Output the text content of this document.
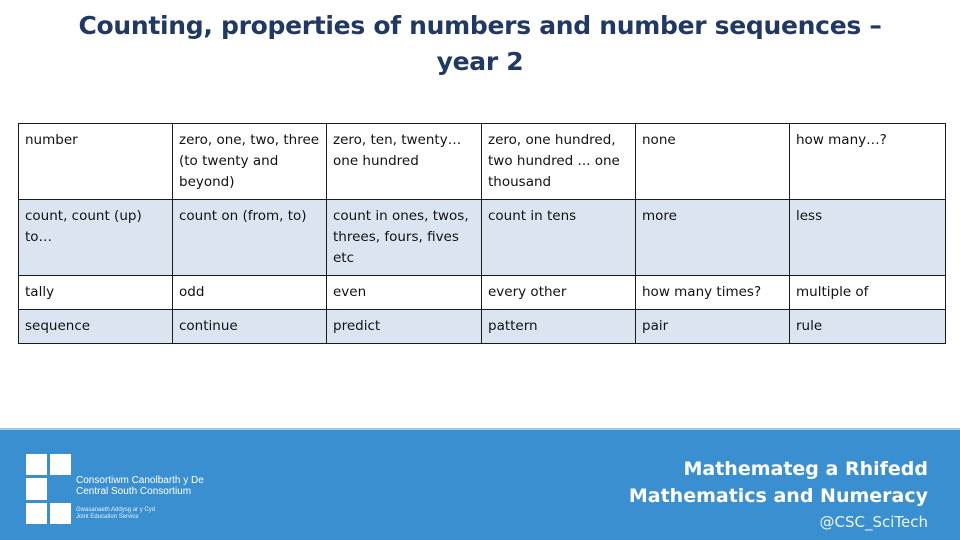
Counting, properties of numbers and number sequences –
year 2
number	zero, one, two, three (to twenty and beyond)	zero, ten, twenty…one hundred	zero, one hundred, two hundred ... one thousand	none	how many…?
count, count (up) to…	count on (from, to)	count in ones, twos, threes, fours, fives etc	count in tens	more	less
tally	odd	even	every other	how many times?	multiple of
sequence	continue	predict	pattern	pair	rule
Consortiwm Canolbarth y De
Central South Consortium
Gwasanaeth Addysg ar y Cyd
Joint Education Service
Mathemateg a Rhifedd
Mathematics and Numeracy
@CSC_SciTech
